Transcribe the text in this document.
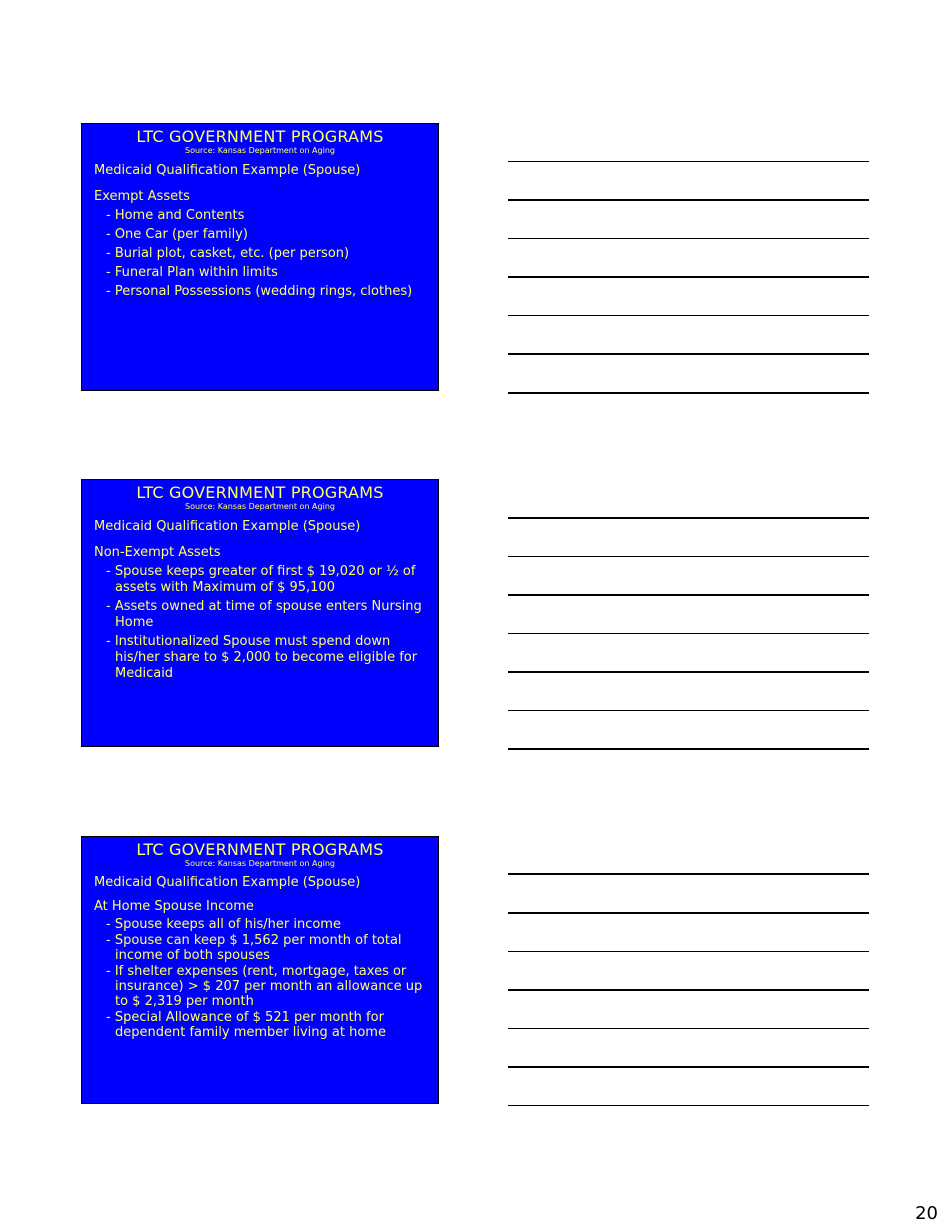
LTC GOVERNMENT PROGRAMS
Source: Kansas Department on Aging
Medicaid Qualification Example (Spouse)
Exempt Assets
- Home and Contents
- One Car (per family)
- Burial plot, casket, etc. (per person)
- Funeral Plan within limits
- Personal Possessions (wedding rings, clothes)
LTC GOVERNMENT PROGRAMS
Source: Kansas Department on Aging
Medicaid Qualification Example (Spouse)
Non-Exempt Assets
- Spouse keeps greater of first $ 19,020 or ½ of assets with Maximum of $ 95,100
- Assets owned at time of spouse enters Nursing Home
- Institutionalized Spouse must spend down his/her share to $ 2,000 to become eligible for Medicaid
LTC GOVERNMENT PROGRAMS
Source: Kansas Department on Aging
Medicaid Qualification Example (Spouse)
At Home Spouse Income
- Spouse keeps all of his/her income
- Spouse can keep $ 1,562 per month of total income of both spouses
- If shelter expenses (rent, mortgage, taxes or insurance) > $ 207 per month an allowance up to $ 2,319 per month
- Special Allowance of $ 521 per month for dependent family member living at home
20
